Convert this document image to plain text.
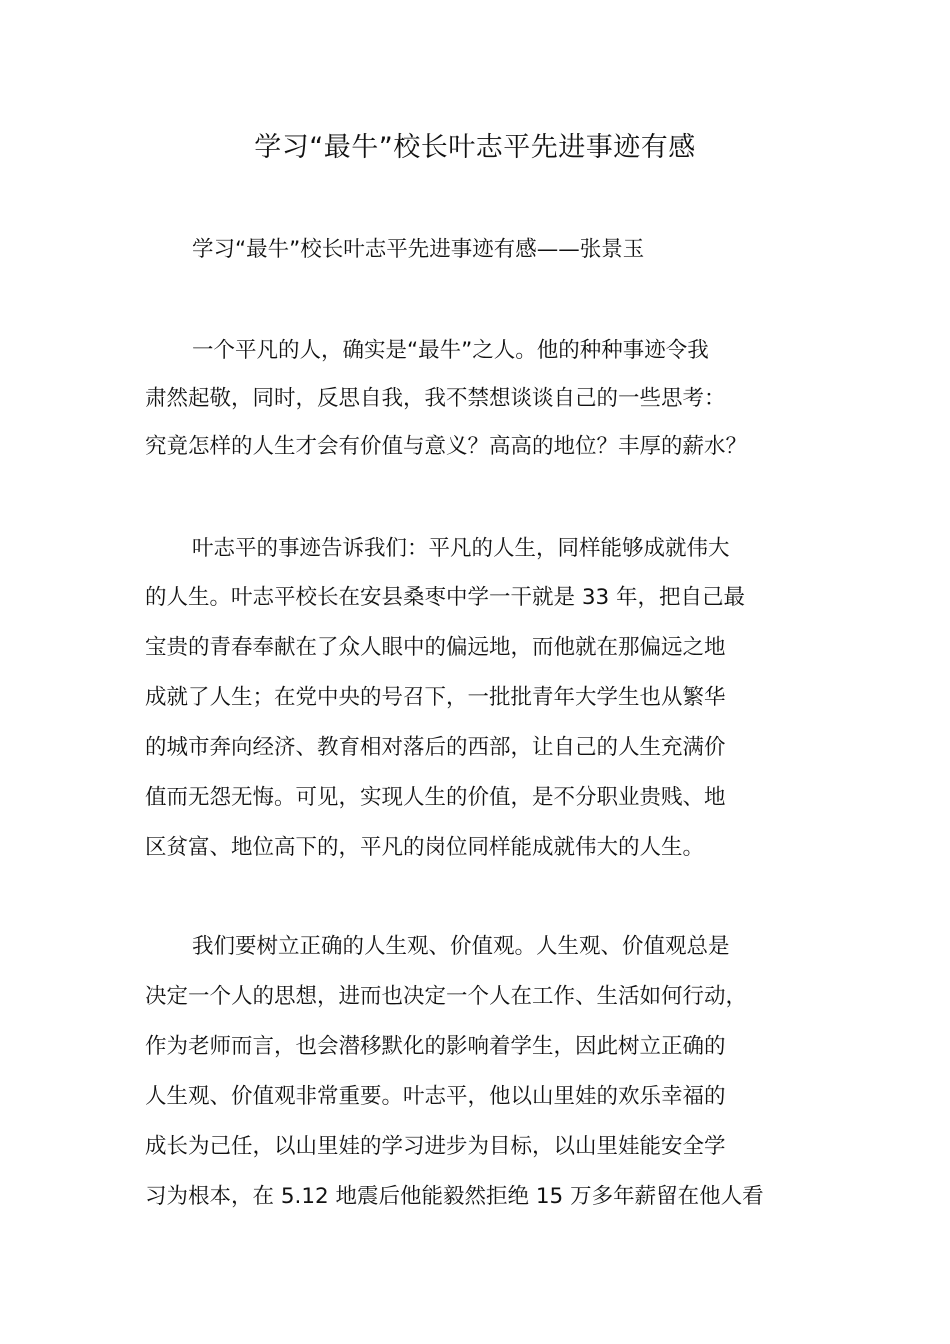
学习“最牛”校长叶志平先进事迹有感
学习“最牛”校长叶志平先进事迹有感——张景玉
一个平凡的人，确实是“最牛”之人。他的种种事迹令我
肃然起敬，同时，反思自我，我不禁想谈谈自己的一些思考：
究竟怎样的人生才会有价值与意义？高高的地位？丰厚的薪水？
叶志平的事迹告诉我们：平凡的人生，同样能够成就伟大
的人生。叶志平校长在安县桑枣中学一干就是 33 年，把自己最
宝贵的青春奉献在了众人眼中的偏远地，而他就在那偏远之地
成就了人生；在党中央的号召下，一批批青年大学生也从繁华
的城市奔向经济、教育相对落后的西部，让自己的人生充满价
值而无怨无悔。可见，实现人生的价值，是不分职业贵贱、地
区贫富、地位高下的，平凡的岗位同样能成就伟大的人生。
我们要树立正确的人生观、价值观。人生观、价值观总是
决定一个人的思想，进而也决定一个人在工作、生活如何行动，
作为老师而言，也会潜移默化的影响着学生，因此树立正确的
人生观、价值观非常重要。叶志平，他以山里娃的欢乐幸福的
成长为己任，以山里娃的学习进步为目标，以山里娃能安全学
习为根本，在 5.12 地震后他能毅然拒绝 15 万多年薪留在他人看
